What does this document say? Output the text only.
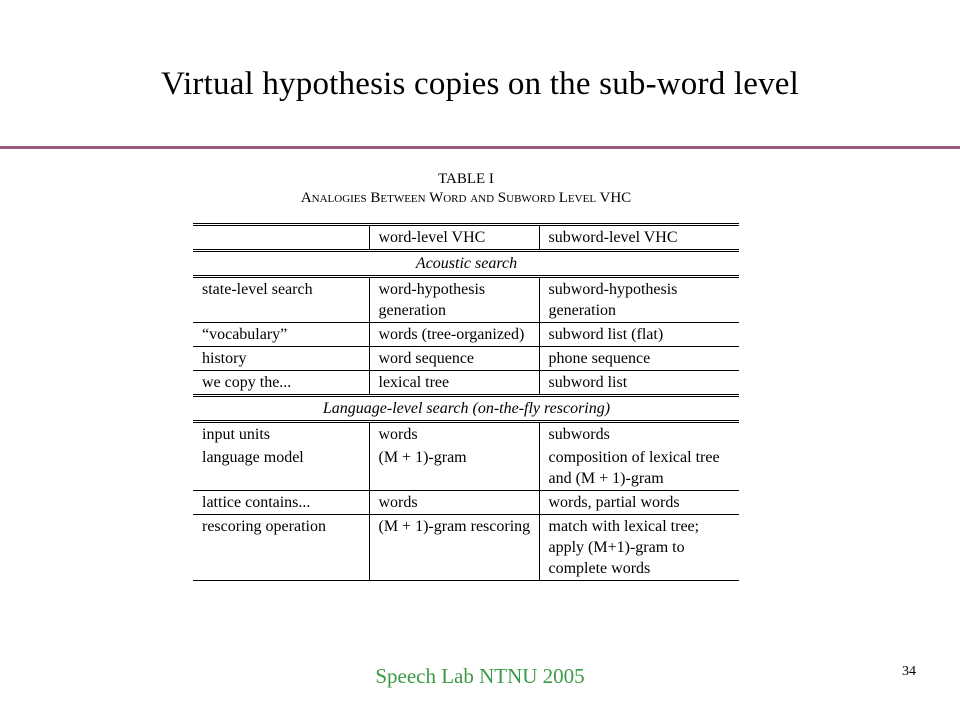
Virtual hypothesis copies on the sub-word level
TABLE I
Analogies Between Word and Subword Level VHC
	word-level VHC	subword-level VHC
Acoustic search		
state-level search	word-hypothesis generation	subword-hypothesis generation
“vocabulary”	words (tree-organized)	subword list (flat)
history	word sequence	phone sequence
we copy the...	lexical tree	subword list
Language-level search (on-the-fly rescoring)		
input units	words	subwords
language model	(M + 1)-gram	composition of lexical tree and (M + 1)-gram
lattice contains...	words	words, partial words
rescoring operation	(M + 1)-gram rescoring	match with lexical tree; apply (M+1)-gram to complete words
Speech Lab NTNU 2005	34
